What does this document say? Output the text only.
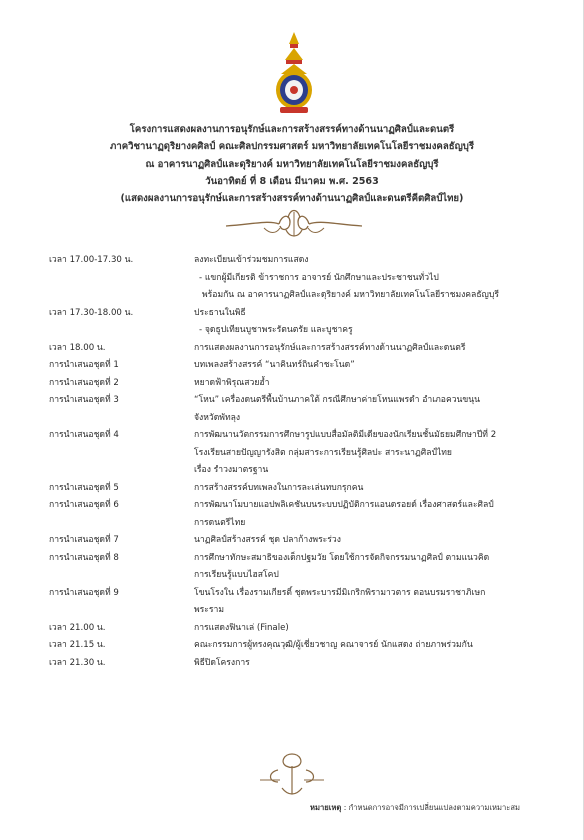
โครงการแสดงผลงานการอนุรักษ์และการสร้างสรรค์ทางด้านนาฏศิลป์และดนตรี
ภาควิชานาฏดุริยางคศิลป์ คณะศิลปกรรมศาสตร์ มหาวิทยาลัยเทคโนโลยีราชมงคลธัญบุรี
ณ อาคารนาฏศิลป์และดุริยางค์ มหาวิทยาลัยเทคโนโลยีราชมงคลธัญบุรี
วันอาทิตย์ ที่ 8 เดือน มีนาคม พ.ศ. 2563
(แสดงผลงานการอนุรักษ์และการสร้างสรรค์ทางด้านนาฏศิลป์และดนตรีคีตศิลป์ไทย)
เวลา 17.00-17.30 น.	ลงทะเบียนเข้าร่วมชมการแสดง
- แขกผู้มีเกียรติ ข้าราชการ อาจารย์ นักศึกษาและประชาชนทั่วไป
พร้อมกัน ณ อาคารนาฏศิลป์และดุริยางค์ มหาวิทยาลัยเทคโนโลยีราชมงคลธัญบุรี
เวลา 17.30-18.00 น.	ประธานในพิธี
- จุดธูปเทียนบูชาพระรัตนตรัย และบูชาครู
เวลา 18.00 น.	การแสดงผลงานการอนุรักษ์และการสร้างสรรค์ทางด้านนาฏศิลป์และดนตรี
การนำเสนอชุดที่ 1	บทเพลงสร้างสรรค์ “นาคินทร์ถินคำชะโนด”
การนำเสนอชุดที่ 2	หยาดฟ้าพิรุณสวยฮ้ำ
การนำเสนอชุดที่ 3	“โหน” เครื่องดนตรีพื้นบ้านภาคใต้ กรณีศึกษาค่ายโหนแพรดำ อำเภอควนขนุน
จังหวัดพัทลุง
การนำเสนอชุดที่ 4	การพัฒนานวัตกรรมการศึกษารูปแบบสื่อมัลติมีเดียของนักเรียนชั้นมัธยมศึกษาปีที่ 2
โรงเรียนสายปัญญารังสิต กลุ่มสาระการเรียนรู้ศิลปะ สาระนาฏศิลป์ไทย
เรื่อง รำวงมาตรฐาน
การนำเสนอชุดที่ 5	การสร้างสรรค์บทเพลงในการละเล่นทบกรุกคน
การนำเสนอชุดที่ 6	การพัฒนาโมบายแอปพลิเคชันบนระบบปฏิบัติการแอนดรอยด์ เรื่องศาสตร์และศิลป์
การดนตรีไทย
การนำเสนอชุดที่ 7	นาฏศิลป์สร้างสรรค์ ชุด ปลาก้างพระร่วง
การนำเสนอชุดที่ 8	การศึกษาทักษะสมาธิของเด็กปฐมวัย โดยใช้การจัดกิจกรรมนาฏศิลป์ ตามแนวคิด
การเรียนรู้แบบไฮสโคป
การนำเสนอชุดที่ 9	โขนโรงใน เรื่องรามเกียรติ์ ชุดพระบารมีมิเกริกพิรามาวตาร ตอนบรมราชาภิเษก
พระราม
เวลา 21.00 น.	การแสดงฟินาเล่ (Finale)
เวลา 21.15 น.	คณะกรรมการผู้ทรงคุณวุฒิ/ผู้เชี่ยวชาญ คณาจารย์ นักแสดง ถ่ายภาพร่วมกัน
เวลา 21.30 น.	พิธีปิดโครงการ
หมายเหตุ : กำหนดการอาจมีการเปลี่ยนแปลงตามความเหมาะสม
